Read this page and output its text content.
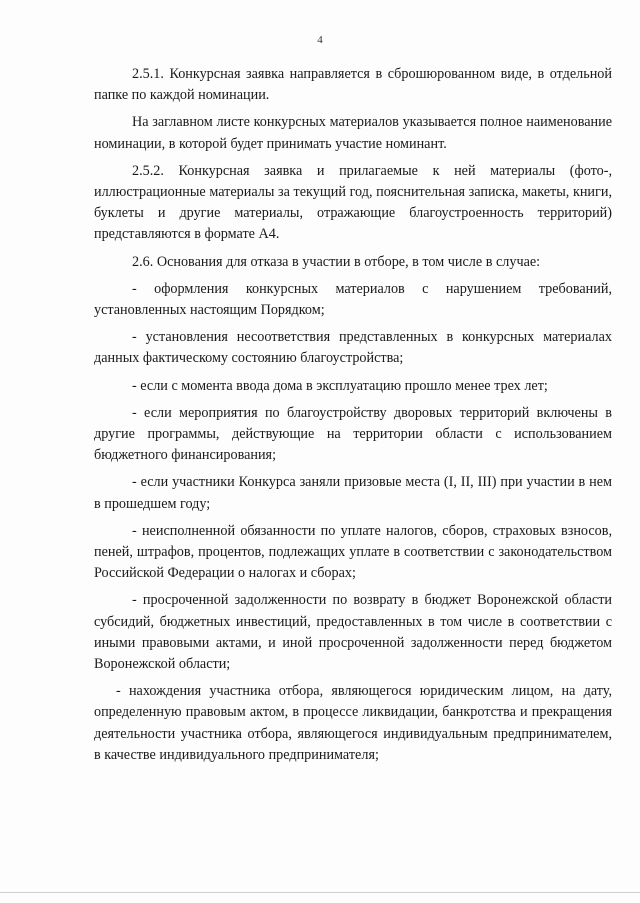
4

2.5.1. Конкурсная заявка направляется в сброшюрованном виде, в отдельной папке по каждой номинации.

На заглавном листе конкурсных материалов указывается полное наименование номинации, в которой будет принимать участие номинант.

2.5.2. Конкурсная заявка и прилагаемые к ней материалы (фото-, иллюстрационные материалы за текущий год, пояснительная записка, макеты, книги, буклеты и другие материалы, отражающие благоустроенность территорий) представляются в формате А4.

2.6. Основания для отказа в участии в отборе, в том числе в случае:

- оформления конкурсных материалов с нарушением требований, установленных настоящим Порядком;

- установления несоответствия представленных в конкурсных материалах данных фактическому состоянию благоустройства;

- если с момента ввода дома в эксплуатацию прошло менее трех лет;

- если мероприятия по благоустройству дворовых территорий включены в другие программы, действующие на территории области с использованием бюджетного финансирования;

- если участники Конкурса заняли призовые места (I, II, III) при участии в нем в прошедшем году;

- неисполненной обязанности по уплате налогов, сборов, страховых взносов, пеней, штрафов, процентов, подлежащих уплате в соответствии с законодательством Российской Федерации о налогах и сборах;

- просроченной задолженности по возврату в бюджет Воронежской области субсидий, бюджетных инвестиций, предоставленных в том числе в соответствии с иными правовыми актами, и иной просроченной задолженности перед бюджетом Воронежской области;

- нахождения участника отбора, являющегося юридическим лицом, на дату, определенную правовым актом, в процессе ликвидации, банкротства и прекращения деятельности участника отбора, являющегося индивидуальным предпринимателем, в качестве индивидуального предпринимателя;
